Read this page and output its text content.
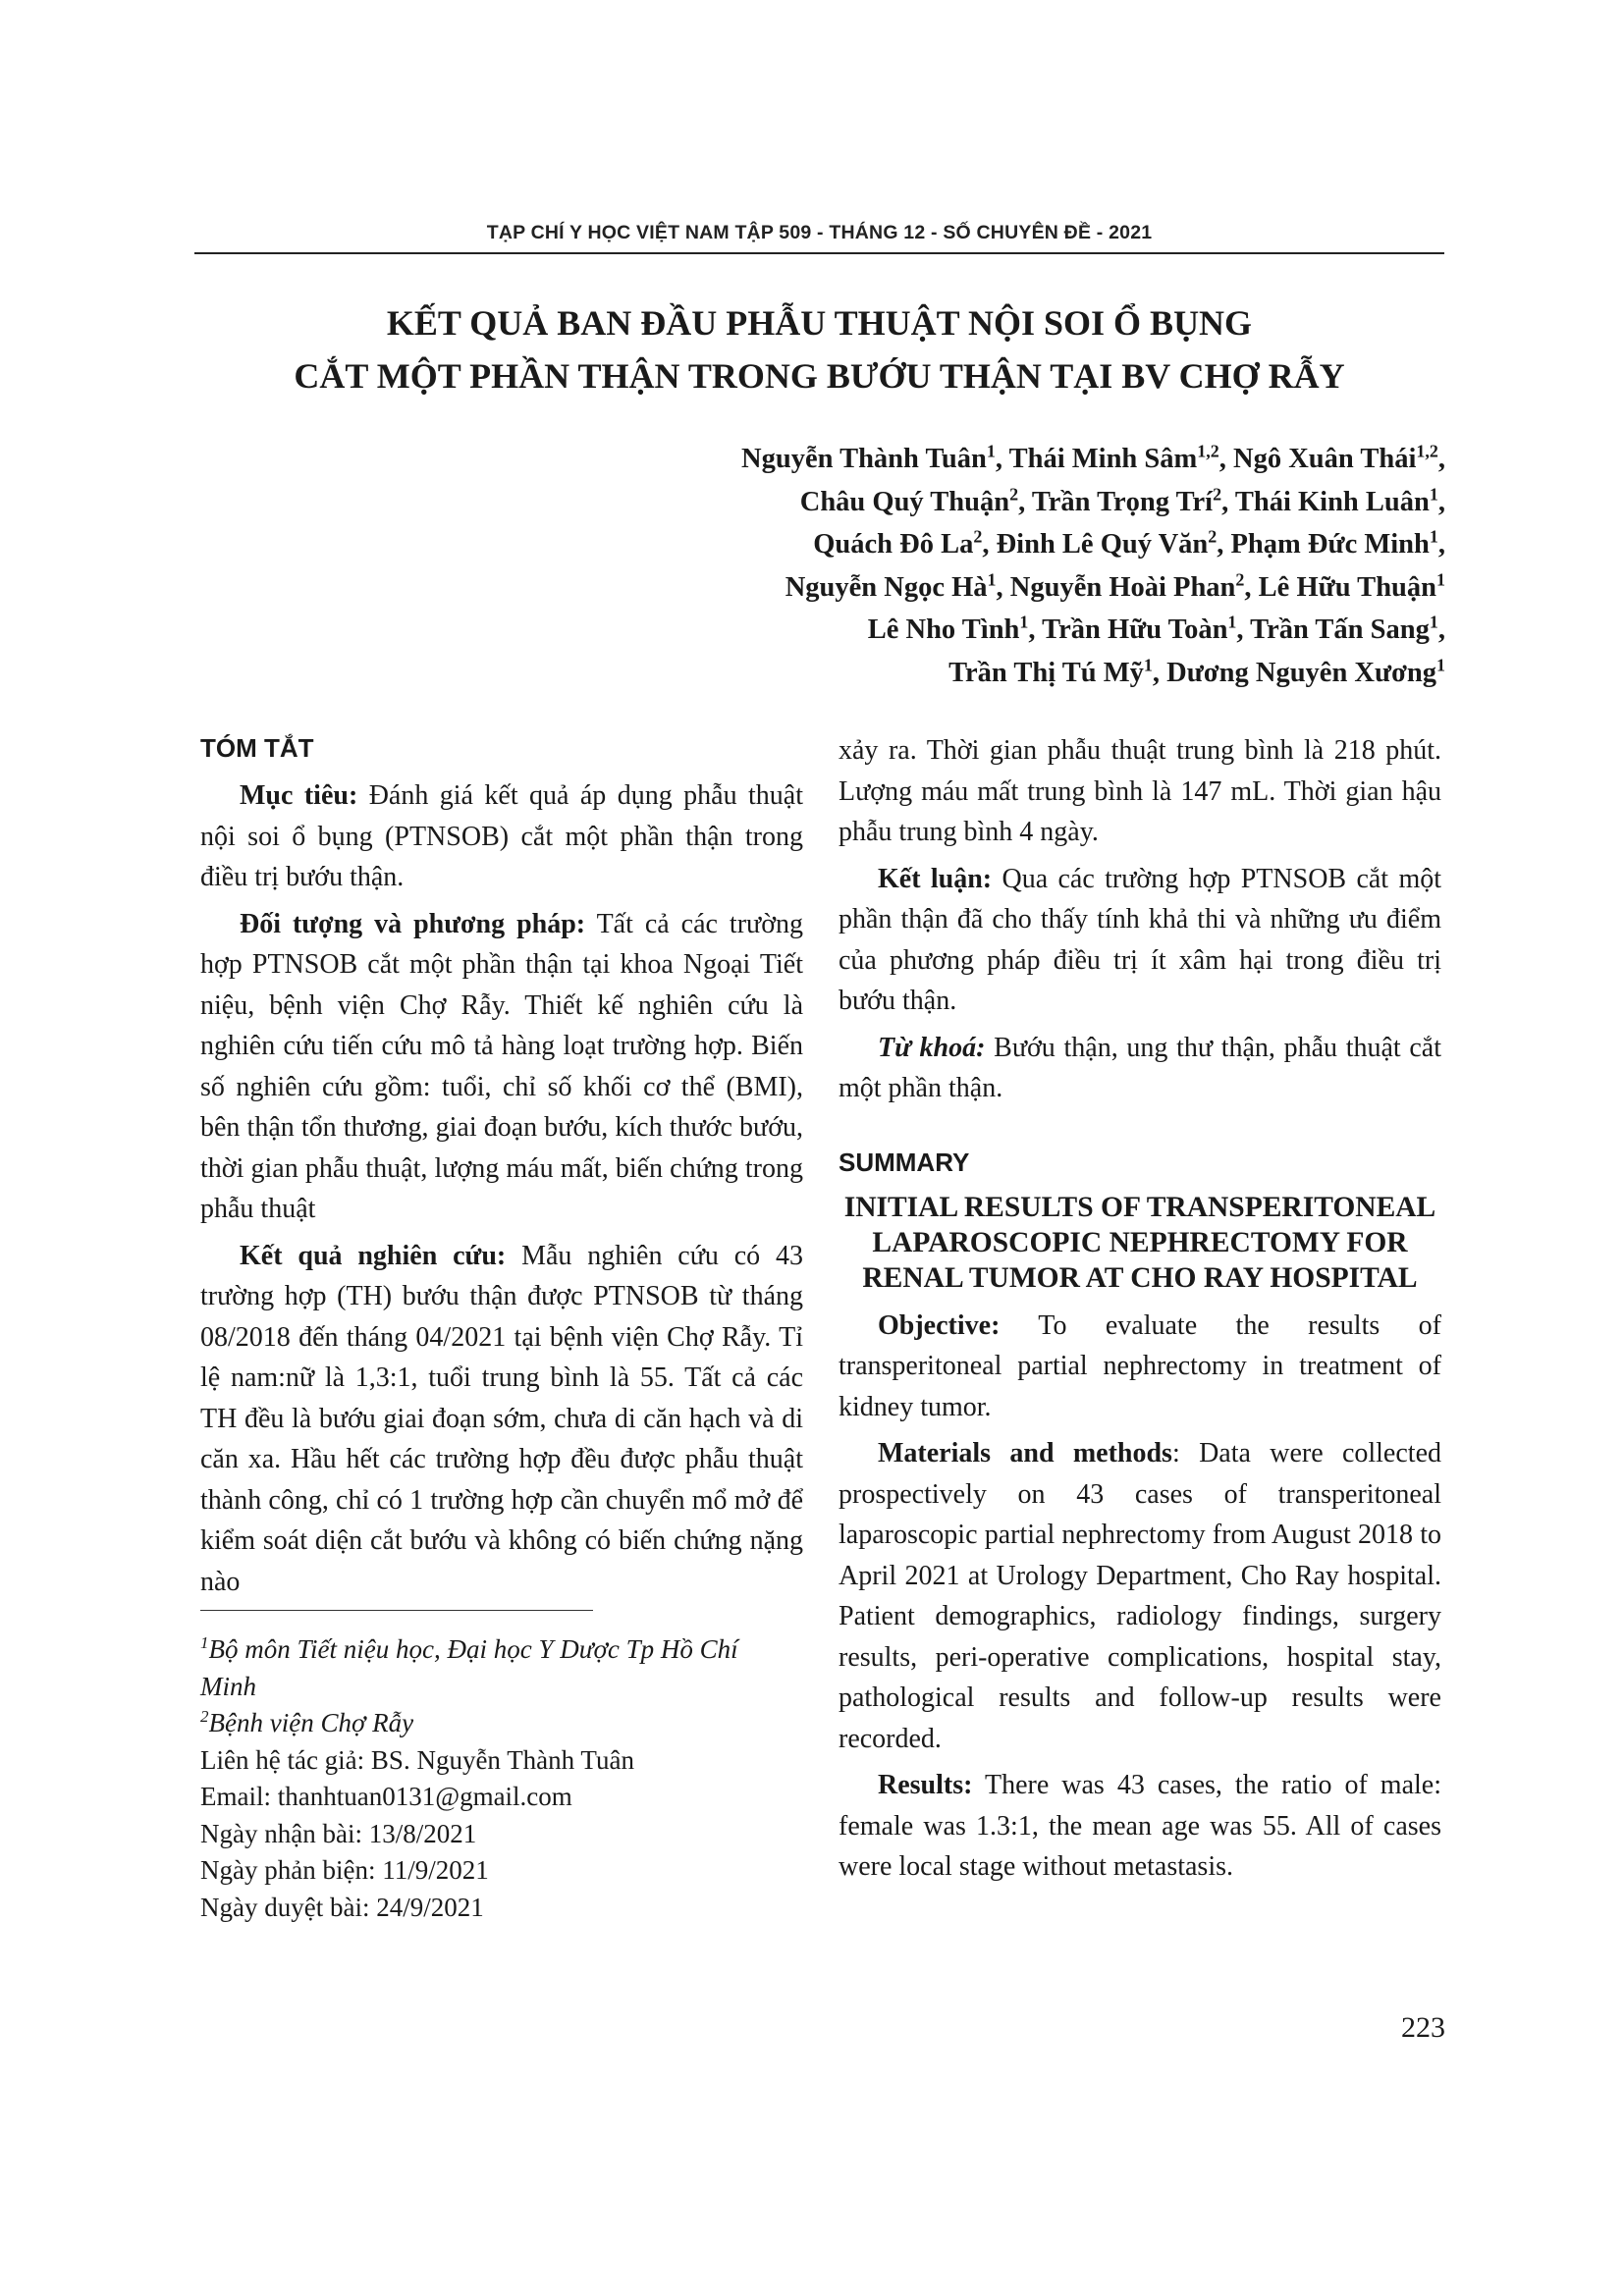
TẠP CHÍ Y HỌC VIỆT NAM TẬP 509 - THÁNG 12 - SỐ CHUYÊN ĐỀ - 2021
KẾT QUẢ BAN ĐẦU PHẪU THUẬT NỘI SOI Ổ BỤNG
CẮT MỘT PHẦN THẬN TRONG BƯỚU THẬN TẠI BV CHỢ RẪY
Nguyễn Thành Tuân$^1$, Thái Minh Sâm$^{1,2}$, Ngô Xuân Thái$^{1,2}$,
Châu Quý Thuận$^2$, Trần Trọng Trí$^2$, Thái Kinh Luân$^1$,
Quách Đô La$^2$, Đinh Lê Quý Văn$^2$, Phạm Đức Minh$^1$,
Nguyễn Ngọc $Hà^1$, Nguyễn Hoài Phan$^2$, Lê Hữu Thuận$^1$
Lê Nho Tình$^1$, Trần Hữu Toàn$^1$, Trần Tấn Sang$^1$,
Trần Thị Tú Mỹ$^1$, Dương Nguyên Xương$^1$
TÓM TẮT

Mục tiêu: Đánh giá kết quả áp dụng phẫu thuật nội soi ổ bụng (PTNSOB) cắt một phần thận trong điều trị bướu thận.

Đối tượng và phương pháp: Tất cả các trường hợp PTNSOB cắt một phần thận tại khoa Ngoại Tiết niệu, bệnh viện Chợ Rẫy. Thiết kế nghiên cứu là nghiên cứu tiến cứu mô tả hàng loạt trường hợp. Biến số nghiên cứu gồm: tuổi, chỉ số khối cơ thể (BMI), bên thận tổn thương, giai đoạn bướu, kích thước bướu, thời gian phẫu thuật, lượng máu mất, biến chứng trong phẫu thuật

Kết quả nghiên cứu: Mẫu nghiên cứu có 43 trường hợp (TH) bướu thận được PTNSOB từ tháng 08/2018 đến tháng 04/2021 tại bệnh viện Chợ Rẫy. Tỉ lệ nam:nữ là 1,3:1, tuổi trung bình là 55. Tất cả các TH đều là bướu giai đoạn sớm, chưa di căn hạch và di căn xa. Hầu hết các trường hợp đều được phẫu thuật thành công, chỉ có 1 trường hợp cần chuyển mổ mở để kiểm soát diện cắt bướu và không có biến chứng nặng nào

$^1$Bộ môn Tiết niệu học, Đại học Y Dược Tp Hồ Chí Minh
$^2$Bệnh viện Chợ Rẫy
Liên hệ tác giả: BS. Nguyễn Thành Tuân
Email: thanhtuan0131@gmail.com
Ngày nhận bài: 13/8/2021
Ngày phản biện: 11/9/2021
Ngày duyệt bài: 24/9/2021

xảy ra. Thời gian phẫu thuật trung bình là 218 phút. Lượng máu mất trung bình là 147 mL. Thời gian hậu phẫu trung bình 4 ngày.

Kết luận: Qua các trường hợp PTNSOB cắt một phần thận đã cho thấy tính khả thi và những ưu điểm của phương pháp điều trị ít xâm hại trong điều trị bướu thận.

Từ khoá: Bướu thận, ung thư thận, phẫu thuật cắt một phần thận.

SUMMARY
INITIAL RESULTS OF TRANSPERITONEAL LAPAROSCOPIC NEPHRECTOMY FOR RENAL TUMOR AT CHO RAY HOSPITAL

Objective: To evaluate the results of transperitoneal partial nephrectomy in treatment of kidney tumor.

Materials and methods: Data were collected prospectively on 43 cases of transperitoneal laparoscopic partial nephrectomy from August 2018 to April 2021 at Urology Department, Cho Ray hospital. Patient demographics, radiology findings, surgery results, peri-operative complications, hospital stay, pathological results and follow-up results were recorded.

Results: There was 43 cases, the ratio of male: female was 1.3:1, the mean age was 55. All of cases were local stage without metastasis.

223
